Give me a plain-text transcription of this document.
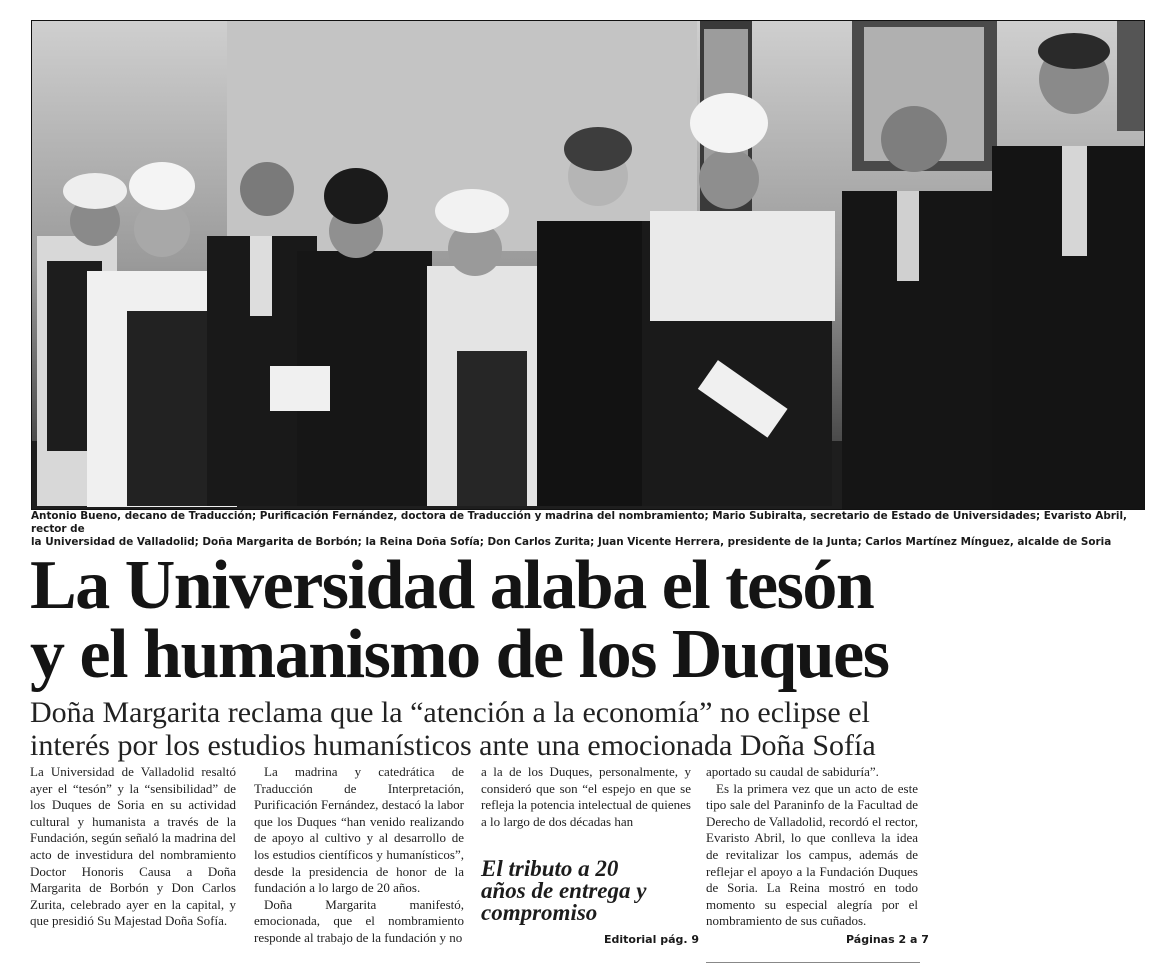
Antonio Bueno, decano de Traducción; Purificación Fernández, doctora de Traducción y madrina del nombramiento; Mario Subiralta, secretario de Estado de Universidades; Evaristo Abril, rector de

la Universidad de Valladolid; Doña Margarita de Borbón; la Reina Doña Sofía; Don Carlos Zurita; Juan Vicente Herrera, presidente de la Junta; Carlos Martínez Mínguez, alcalde de Soria

La Universidad alaba el tesón
y el humanismo de los Duques
Doña Margarita reclama que la “atención a la economía” no eclipse el
interés por los estudios humanísticos ante una emocionada Doña Sofía

La Universidad de Valladolid resaltó ayer el “tesón” y la “sensibilidad” de los Duques de Soria en su actividad cultural y humanista a través de la Fundación, según señaló la madrina del acto de investidura del nombramiento Doctor Honoris Causa a Doña Margarita de Borbón y Don Carlos Zurita, celebrado ayer en la capital, y que presidió Su Majestad Doña Sofía.

La madrina y catedrática de Traducción de Interpretación, Purificación Fernández, destacó la labor que los Duques “han venido realizando de apoyo al cultivo y al desarrollo de los estudios científicos y humanísticos”, desde la presidencia de honor de la fundación a lo largo de 20 años.

Doña Margarita manifestó, emocionada, que el nombramiento responde al trabajo de la fundación y no

a la de los Duques, personalmente, y consideró que son “el espejo en que se refleja la potencia intelectual de quienes a lo largo de dos décadas han

El tributo a 20
años de entrega y
compromiso
Editorial pág. 9

aportado su caudal de sabiduría”.

Es la primera vez que un acto de este tipo sale del Paraninfo de la Facultad de Derecho de Valladolid, recordó el rector, Evaristo Abril, lo que conlleva la idea de revitalizar los campus, además de reflejar el apoyo a la Fundación Duques de Soria. La Reina mostró en todo momento su especial alegría por el nombramiento de sus cuñados.

Páginas 2 a 7
